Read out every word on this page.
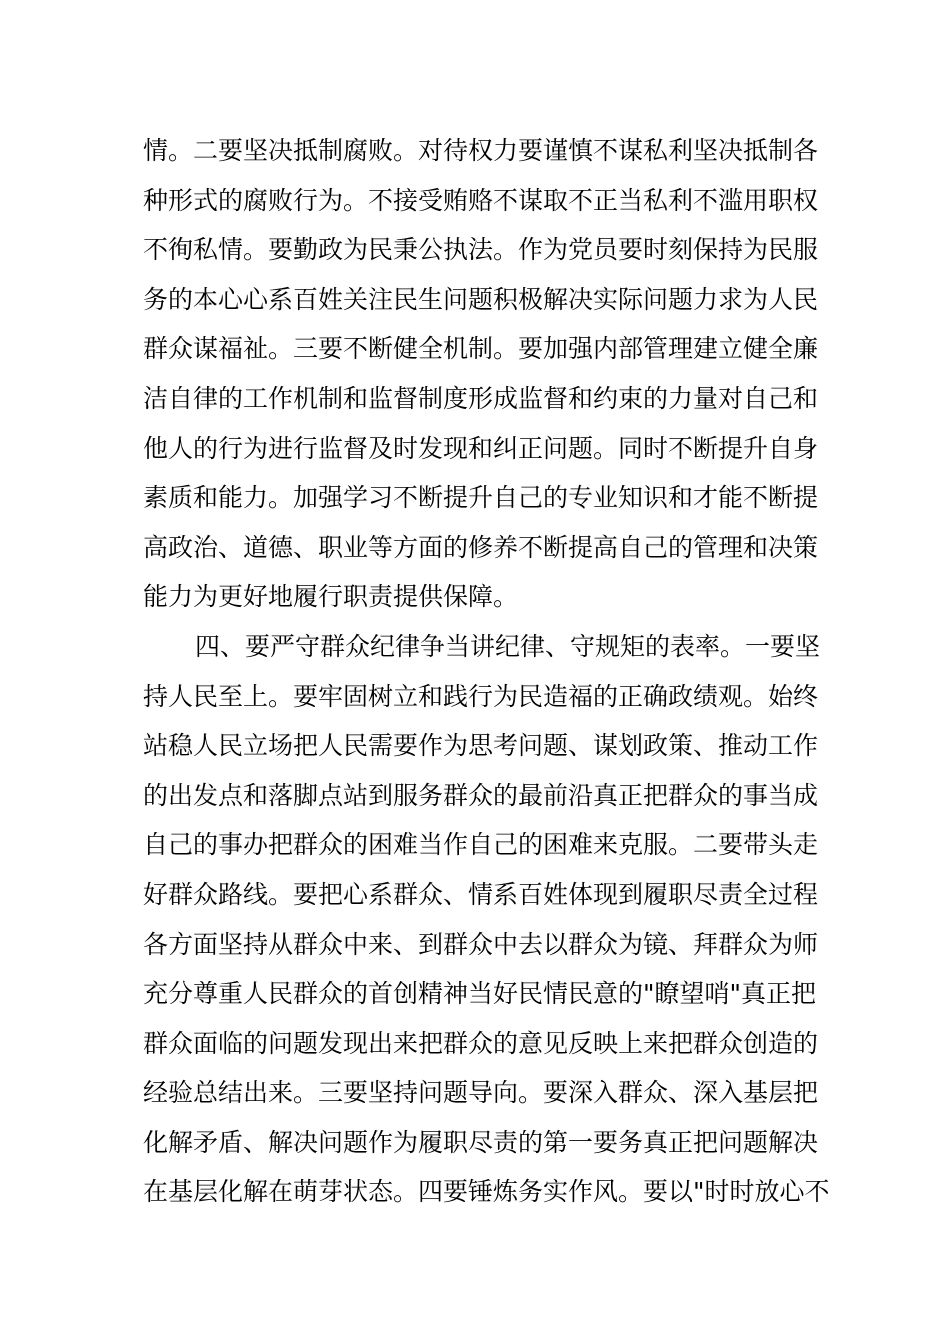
情。二要坚决抵制腐败。对待权力要谨慎不谋私利坚决抵制各
种形式的腐败行为。不接受贿赂不谋取不正当私利不滥用职权
不徇私情。要勤政为民秉公执法。作为党员要时刻保持为民服
务的本心心系百姓关注民生问题积极解决实际问题力求为人民
群众谋福祉。三要不断健全机制。要加强内部管理建立健全廉
洁自律的工作机制和监督制度形成监督和约束的力量对自己和
他人的行为进行监督及时发现和纠正问题。同时不断提升自身
素质和能力。加强学习不断提升自己的专业知识和才能不断提
高政治、道德、职业等方面的修养不断提高自己的管理和决策
能力为更好地履行职责提供保障。
四、要严守群众纪律争当讲纪律、守规矩的表率。一要坚
持人民至上。要牢固树立和践行为民造福的正确政绩观。始终
站稳人民立场把人民需要作为思考问题、谋划政策、推动工作
的出发点和落脚点站到服务群众的最前沿真正把群众的事当成
自己的事办把群众的困难当作自己的困难来克服。二要带头走
好群众路线。要把心系群众、情系百姓体现到履职尽责全过程
各方面坚持从群众中来、到群众中去以群众为镜、拜群众为师
充分尊重人民群众的首创精神当好民情民意的"瞭望哨"真正把
群众面临的问题发现出来把群众的意见反映上来把群众创造的
经验总结出来。三要坚持问题导向。要深入群众、深入基层把
化解矛盾、解决问题作为履职尽责的第一要务真正把问题解决
在基层化解在萌芽状态。四要锤炼务实作风。要以"时时放心不
